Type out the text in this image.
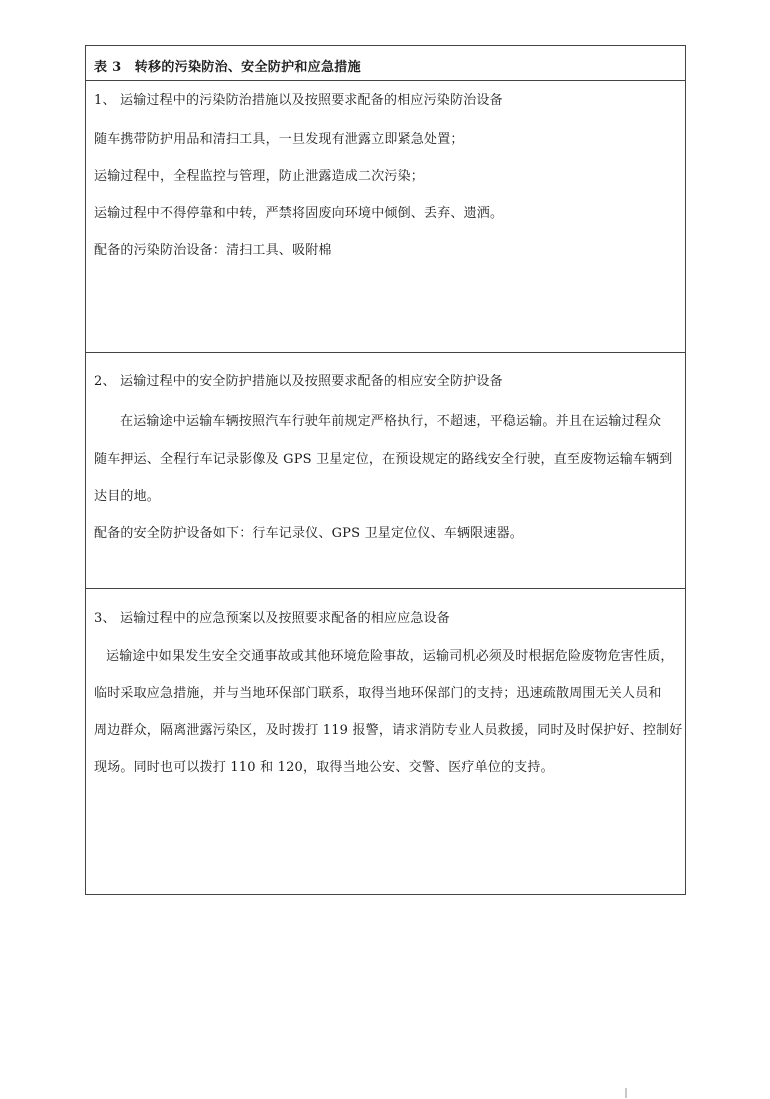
表 3　转移的污染防治、安全防护和应急措施
1、 运输过程中的污染防治措施以及按照要求配备的相应污染防治设备
随车携带防护用品和清扫工具，一旦发现有泄露立即紧急处置；
运输过程中，全程监控与管理，防止泄露造成二次污染；
运输过程中不得停靠和中转，严禁将固废向环境中倾倒、丢弃、遗洒。
配备的污染防治设备：清扫工具、吸附棉
2、 运输过程中的安全防护措施以及按照要求配备的相应安全防护设备
在运输途中运输车辆按照汽车行驶年前规定严格执行，不超速，平稳运输。并且在运输过程众
随车押运、全程行车记录影像及 GPS 卫星定位，在预设规定的路线安全行驶，直至废物运输车辆到
达目的地。
配备的安全防护设备如下：行车记录仪、GPS 卫星定位仪、车辆限速器。
3、 运输过程中的应急预案以及按照要求配备的相应应急设备
运输途中如果发生安全交通事故或其他环境危险事故，运输司机必须及时根据危险废物危害性质，
临时采取应急措施，并与当地环保部门联系，取得当地环保部门的支持；迅速疏散周围无关人员和
周边群众，隔离泄露污染区，及时拨打 119 报警，请求消防专业人员救援，同时及时保护好、控制好
现场。同时也可以拨打 110 和 120，取得当地公安、交警、医疗单位的支持。
